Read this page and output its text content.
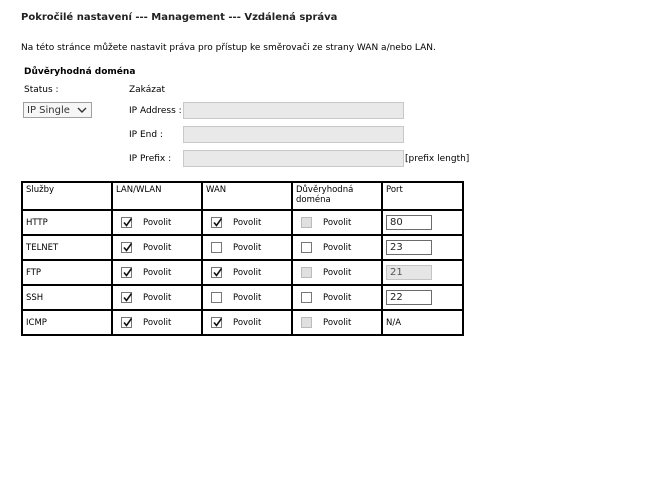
Pokročilé nastavení --- Management --- Vzdálená správa
Na této stránce můžete nastavit práva pro přístup ke směrovači ze strany WAN a/nebo LAN.
Důvěryhodná doména
Status :	Zakázat
IP Single	IP Address :
IP End :
IP Prefix :	[prefix length]
Služby	LAN/WLAN	WAN	Důvěryhodná doména	Port
HTTP	Povolit	Povolit	Povolit	80

TELNET	Povolit	Povolit	Povolit	23

FTP	Povolit	Povolit	Povolit	21

SSH	Povolit	Povolit	Povolit	22

ICMP	Povolit	Povolit	Povolit	N/A
